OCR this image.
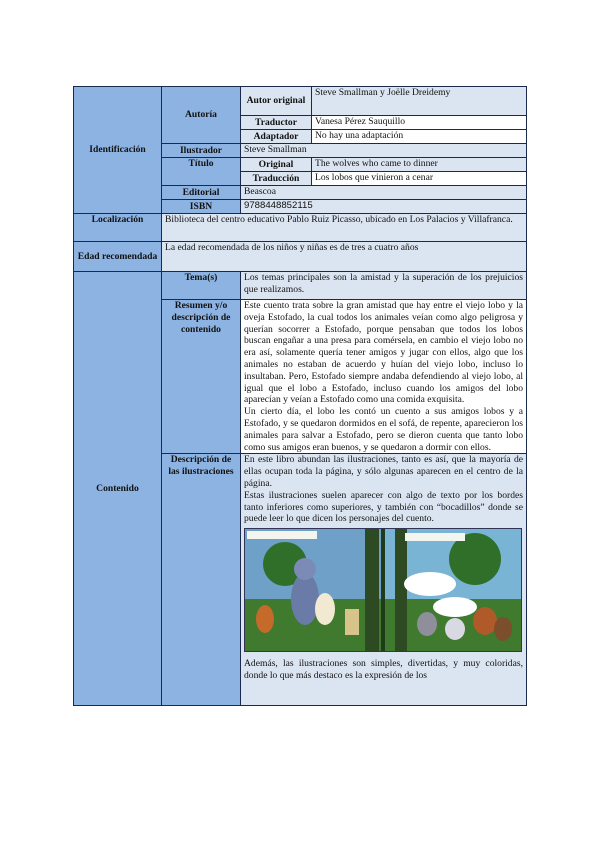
Identificación	Autoría	Autor original	Steve Smallman y Joëlle Dreidemy
		Traductor	Vanesa Pérez Sauquillo
		Adaptador	No hay una adaptación
	Ilustrador	Steve Smallman	
	Título	Original	The wolves who came to dinner
		Traducción	Los lobos que vinieron a cenar
	Editorial	Beascoa	
	ISBN	9788448852115	

Localización	Biblioteca del centro educativo Pablo Ruiz Picasso, ubicado en Los Palacios y Villafranca.		
Edad recomendada	La edad recomendada de los niños y niñas es de tres a cuatro años		
Contenido	Tema(s)	Los temas principales son la amistad y la superación de los prejuicios que realizamos.	
	Resumen y/o descripción de contenido	Este cuento trata sobre la gran amistad que hay entre el viejo lobo y la oveja Estofado, la cual todos los animales veían como algo peligrosa y querían socorrer a Estofado, porque pensaban que todos los lobos buscan engañar a una presa para comérsela, en cambio el viejo lobo no era así, solamente quería tener amigos y jugar con ellos, algo que los animales no estaban de acuerdo y huían del viejo lobo, incluso lo insultaban. Pero, Estofado siempre andaba defendiendo al viejo lobo, al igual que el lobo a Estofado, incluso cuando los amigos del lobo aparecían y veían a Estofado como una comida exquisita.

Un cierto día, el lobo les contó un cuento a sus amigos lobos y a Estofado, y se quedaron dormidos en el sofá, de repente, aparecieron los animales para salvar a Estofado, pero se dieron cuenta que tanto lobo como sus amigos eran buenos, y se quedaron a dormir con ellos.	

	Descripción de las ilustraciones	En este libro abundan las ilustraciones, tanto es así, que la mayoría de ellas ocupan toda la página, y sólo algunas aparecen en el centro de la página.

Estas ilustraciones suelen aparecer con algo de texto por los bordes tanto inferiores como superiores, y también con “bocadillos” donde se puede leer lo que dicen los personajes del cuento.

Además, las ilustraciones son simples, divertidas, y muy coloridas, donde lo que más destaco es la expresión de los	
